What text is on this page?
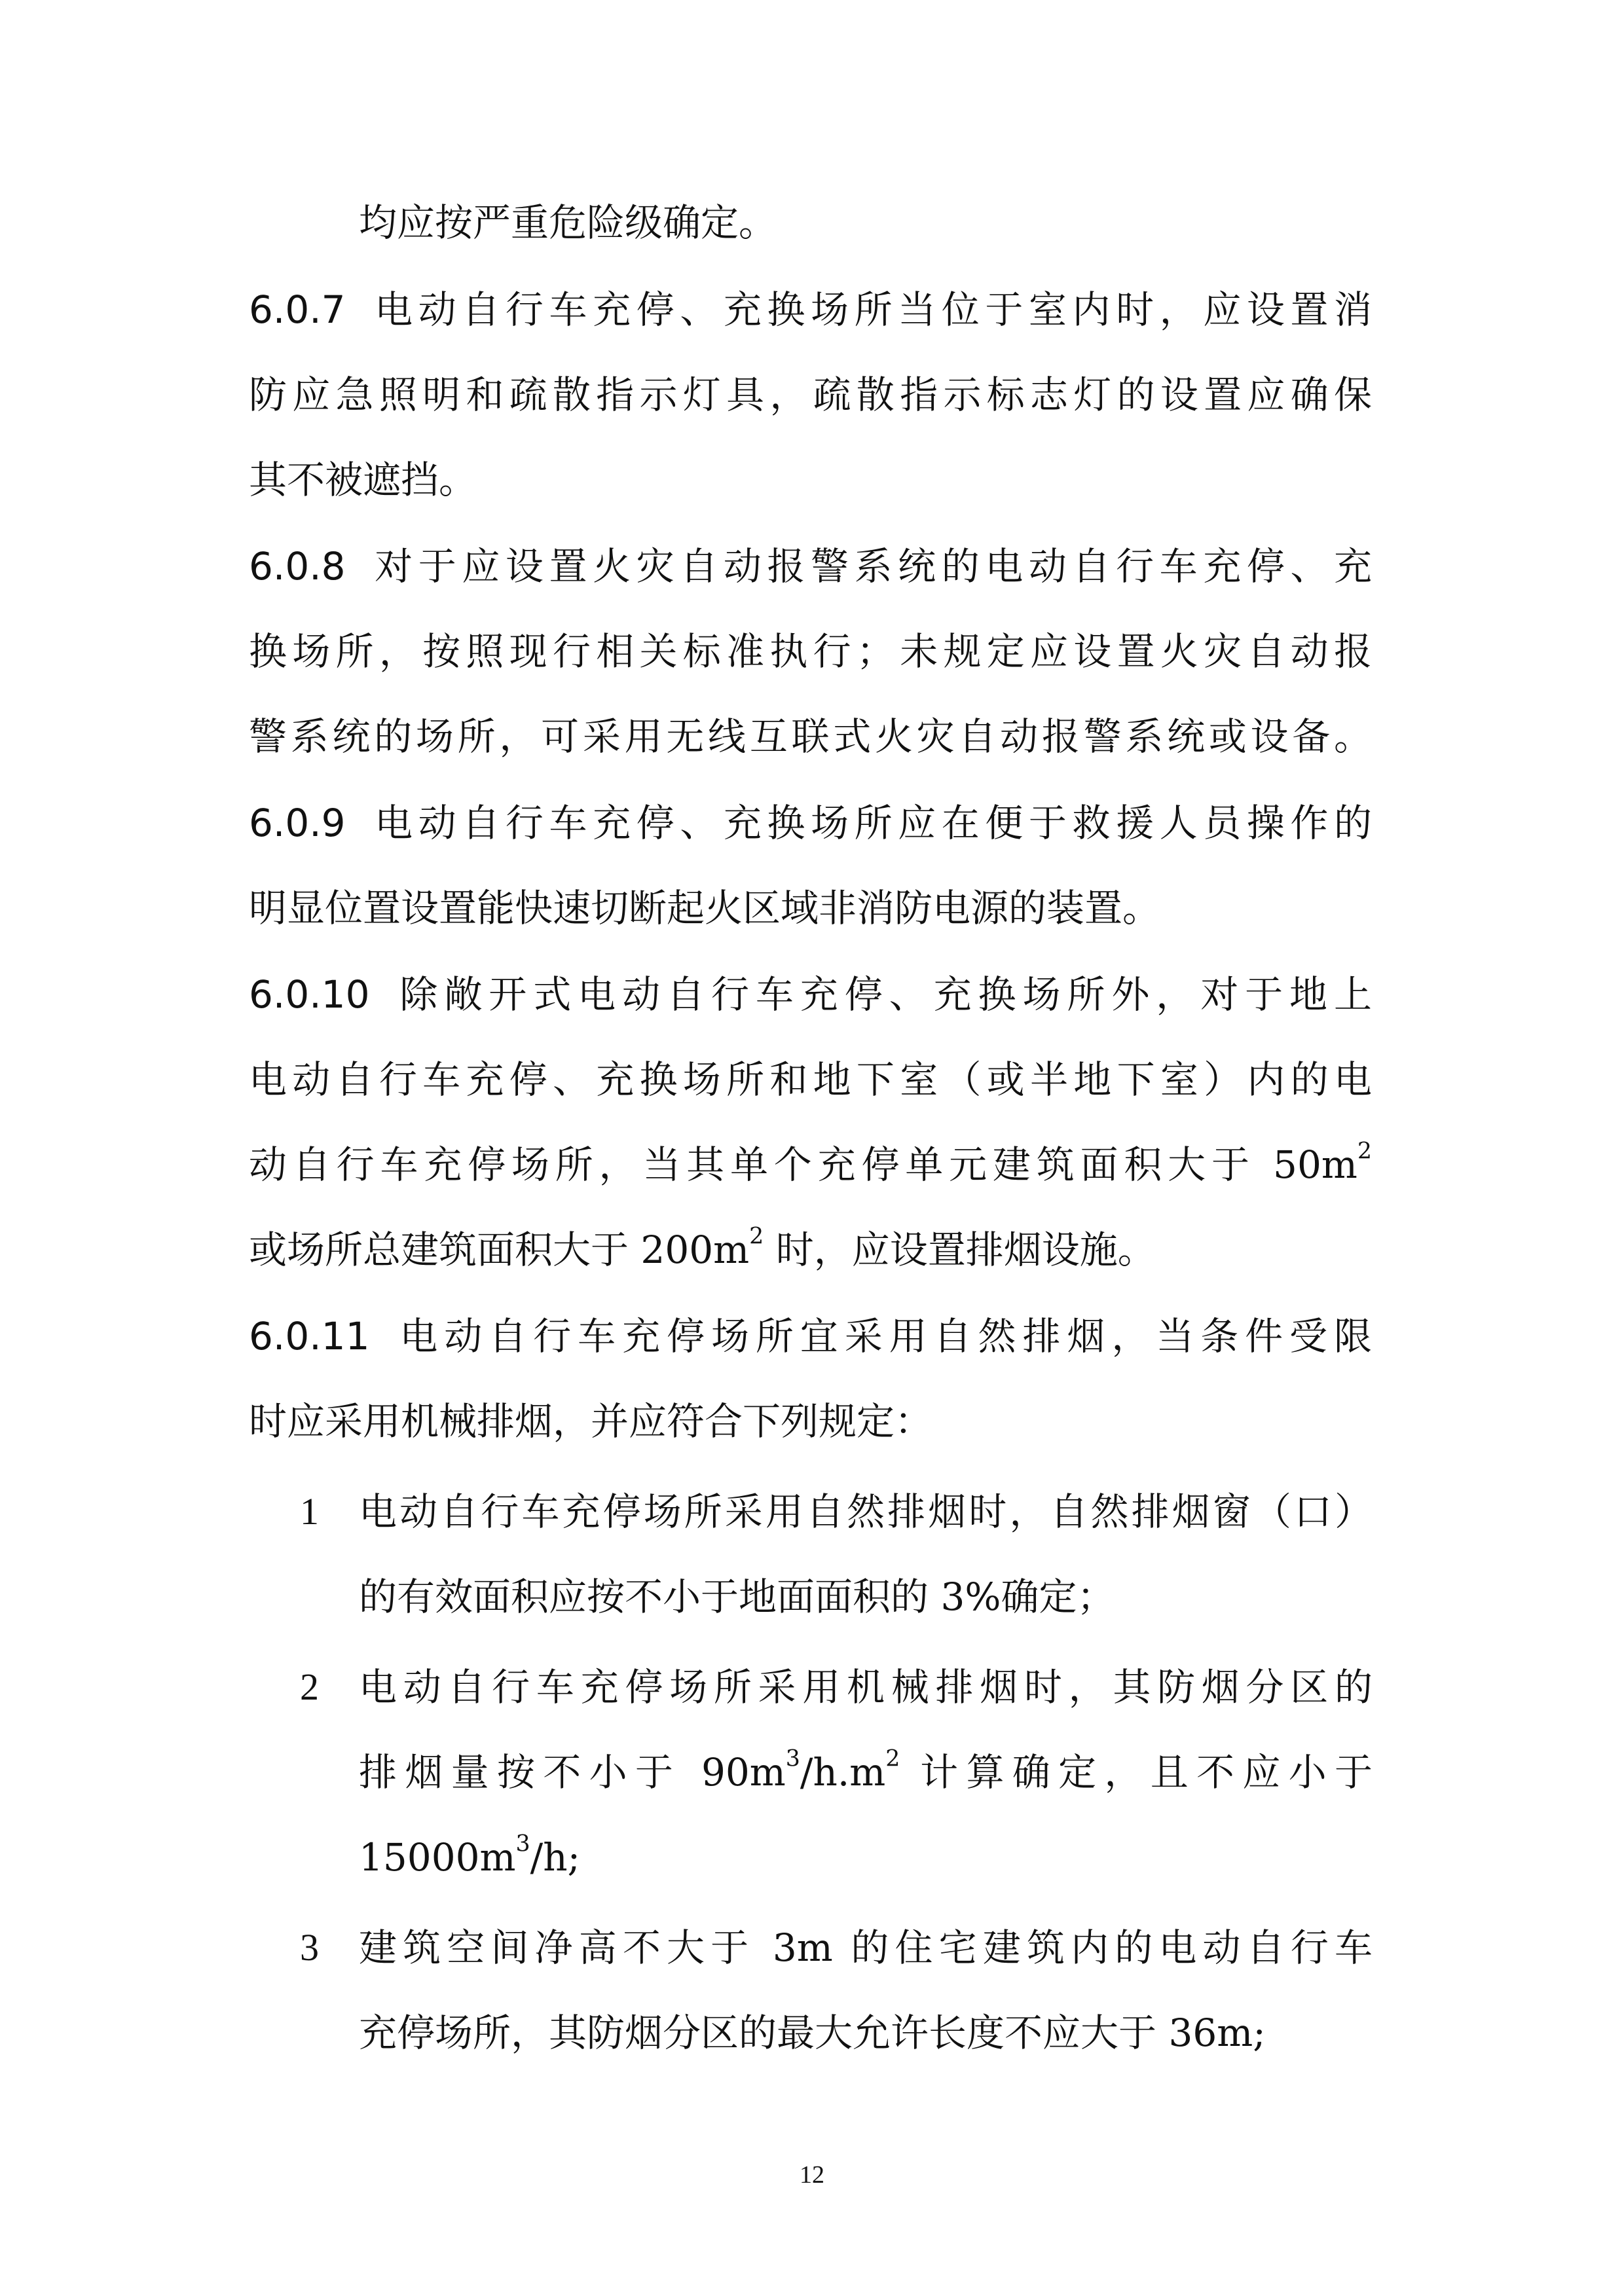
均应按严重危险级确定。
6.0.7 电动自行车充停、充换场所当位于室内时，应设置消
防应急照明和疏散指示灯具，疏散指示标志灯的设置应确保
其不被遮挡。
6.0.8 对于应设置火灾自动报警系统的电动自行车充停、充
换场所，按照现行相关标准执行；未规定应设置火灾自动报
警系统的场所，可采用无线互联式火灾自动报警系统或设备。
6.0.9 电动自行车充停、充换场所应在便于救援人员操作的
明显位置设置能快速切断起火区域非消防电源的装置。
6.0.10 除敞开式电动自行车充停、充换场所外，对于地上
电动自行车充停、充换场所和地下室（或半地下室）内的电
动自行车充停场所，当其单个充停单元建筑面积大于 $50m^2$
或场所总建筑面积大于 $200m^2$ 时，应设置排烟设施。
6.0.11 电动自行车充停场所宜采用自然排烟，当条件受限
时应采用机械排烟，并应符合下列规定：
1 电动自行车充停场所采用自然排烟时，自然排烟窗（口）
的有效面积应按不小于地面面积的 3%确定；
2 电动自行车充停场所采用机械排烟时，其防烟分区的
排烟量按不小于 $90m^3/h.m^2$ 计算确定，且不应小于
$15000m^3/h$;
3 建筑空间净高不大于 3m 的住宅建筑内的电动自行车
充停场所，其防烟分区的最大允许长度不应大于 36m;
12
